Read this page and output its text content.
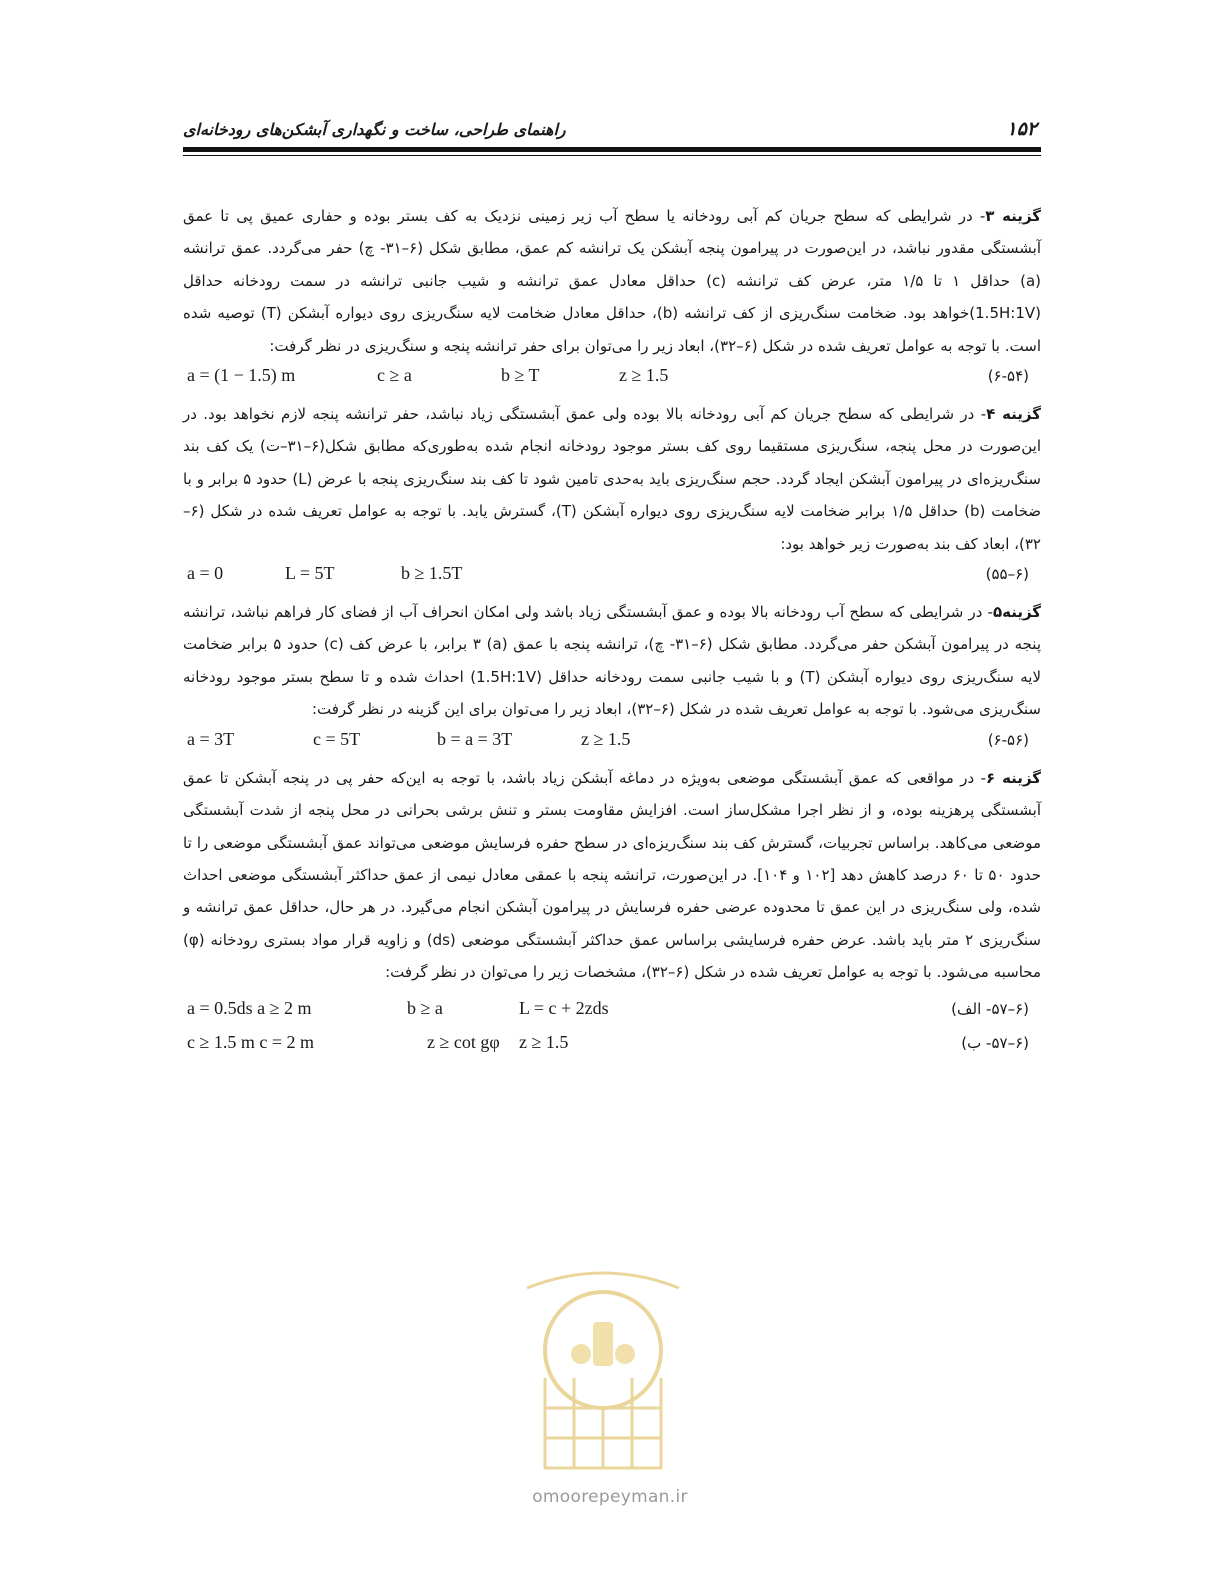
۱۵۲
راهنمای طراحی، ساخت و نگهداری آبشکن‌های رودخانه‌ای

گزینه ۳- در شرایطی که سطح جریان کم آبی رودخانه یا سطح آب زیر زمینی نزدیک به کف بستر بوده و حفاری عمیق پی تا عمق آبشستگی مقدور نباشد، در این‌صورت در پیرامون پنجه آبشکن یک ترانشه کم عمق، مطابق شکل (۶–۳۱- چ) حفر می‌گردد. عمق ترانشه (a) حداقل ۱ تا ۱/۵ متر، عرض کف ترانشه (c) حداقل معادل عمق ترانشه و شیب جانبی ترانشه در سمت رودخانه حداقل (1.5H:1V)خواهد بود. ضخامت سنگ‌ریزی از کف ترانشه (b)، حداقل معادل ضخامت لایه سنگ‌ریزی روی دیواره آبشکن (T) توصیه شده است. با توجه به عوامل تعریف شده در شکل (۶–۳۲)، ابعاد زیر را می‌توان برای حفر ترانشه پنجه و سنگ‌ریزی در نظر گرفت:

a = (1 − 1.5) m	c ≥ a	b ≥ T	z ≥ 1.5	(۶-۵۴)

گزینه ۴- در شرایطی که سطح جریان کم آبی رودخانه بالا بوده ولی عمق آبشستگی زیاد نباشد، حفر ترانشه پنجه لازم نخواهد بود. در این‌صورت در محل پنجه، سنگ‌ریزی مستقیما روی کف بستر موجود رودخانه انجام شده به‌طوری‌که مطابق شکل(۶–۳۱–ت) یک کف بند سنگ‌ریزه‌ای در پیرامون آبشکن ایجاد گردد. حجم سنگ‌ریزی باید به‌حدی تامین شود تا کف بند سنگ‌ریزی پنجه با عرض (L) حدود ۵ برابر و با ضخامت (b) حداقل ۱/۵ برابر ضخامت لایه سنگ‌ریزی روی دیواره آبشکن (T)، گسترش یابد. با توجه به عوامل تعریف شده در شکل (۶–۳۲)، ابعاد کف بند به‌صورت زیر خواهد بود:

a = 0	L = 5T	b ≥ 1.5T	(۶–۵۵)

گزینه۵- در شرایطی که سطح آب رودخانه بالا بوده و عمق آبشستگی زیاد باشد ولی امکان انحراف آب از فضای کار فراهم نباشد، ترانشه پنجه در پیرامون آبشکن حفر می‌گردد. مطابق شکل (۶–۳۱- چ)، ترانشه پنجه با عمق (a) ۳ برابر، با عرض کف (c) حدود ۵ برابر ضخامت لایه سنگ‌ریزی روی دیواره آبشکن (T) و با شیب جانبی سمت رودخانه حداقل (1.5H:1V) احداث شده و تا سطح بستر موجود رودخانه سنگ‌ریزی می‌شود. با توجه به عوامل تعریف شده در شکل (۶–۳۲)، ابعاد زیر را می‌توان برای این گزینه در نظر گرفت:

a = 3T	c = 5T	b = a = 3T	z ≥ 1.5	(۶-۵۶)

گزینه ۶- در مواقعی که عمق آبشستگی موضعی به‌ویژه در دماغه آبشکن زیاد باشد، با توجه به این‌که حفر پی در پنجه آبشکن تا عمق آبشستگی پرهزینه بوده، و از نظر اجرا مشکل‌ساز است. افزایش مقاومت بستر و تنش برشی بحرانی در محل پنجه از شدت آبشستگی موضعی می‌کاهد. براساس تجربیات، گسترش کف بند سنگ‌ریزه‌ای در سطح حفره فرسایش موضعی می‌تواند عمق آبشستگی موضعی را تا حدود ۵۰ تا ۶۰ درصد کاهش دهد [۱۰۲ و ۱۰۴]. در این‌صورت، ترانشه پنجه با عمقی معادل نیمی از عمق حداکثر آبشستگی موضعی احداث شده، ولی سنگ‌ریزی در این عمق تا محدوده عرضی حفره فرسایش در پیرامون آبشکن انجام می‌گیرد. در هر حال، حداقل عمق ترانشه و سنگ‌ریزی ۲ متر باید باشد. عرض حفره فرسایشی براساس عمق حداکثر آبشستگی موضعی (ds) و زاویه قرار مواد بستری رودخانه (φ) محاسبه می‌شود. با توجه به عوامل تعریف شده در شکل (۶–۳۲)، مشخصات زیر را می‌توان در نظر گرفت:

a = 0.5ds a ≥ 2 m	b ≥ a	L = c + 2zds	(۶–۵۷- الف)
c ≥ 1.5 m c = 2 m	z ≥ cot gφ z ≥ 1.5	(۶–۵۷- ب)
omoorepeyman.ir
